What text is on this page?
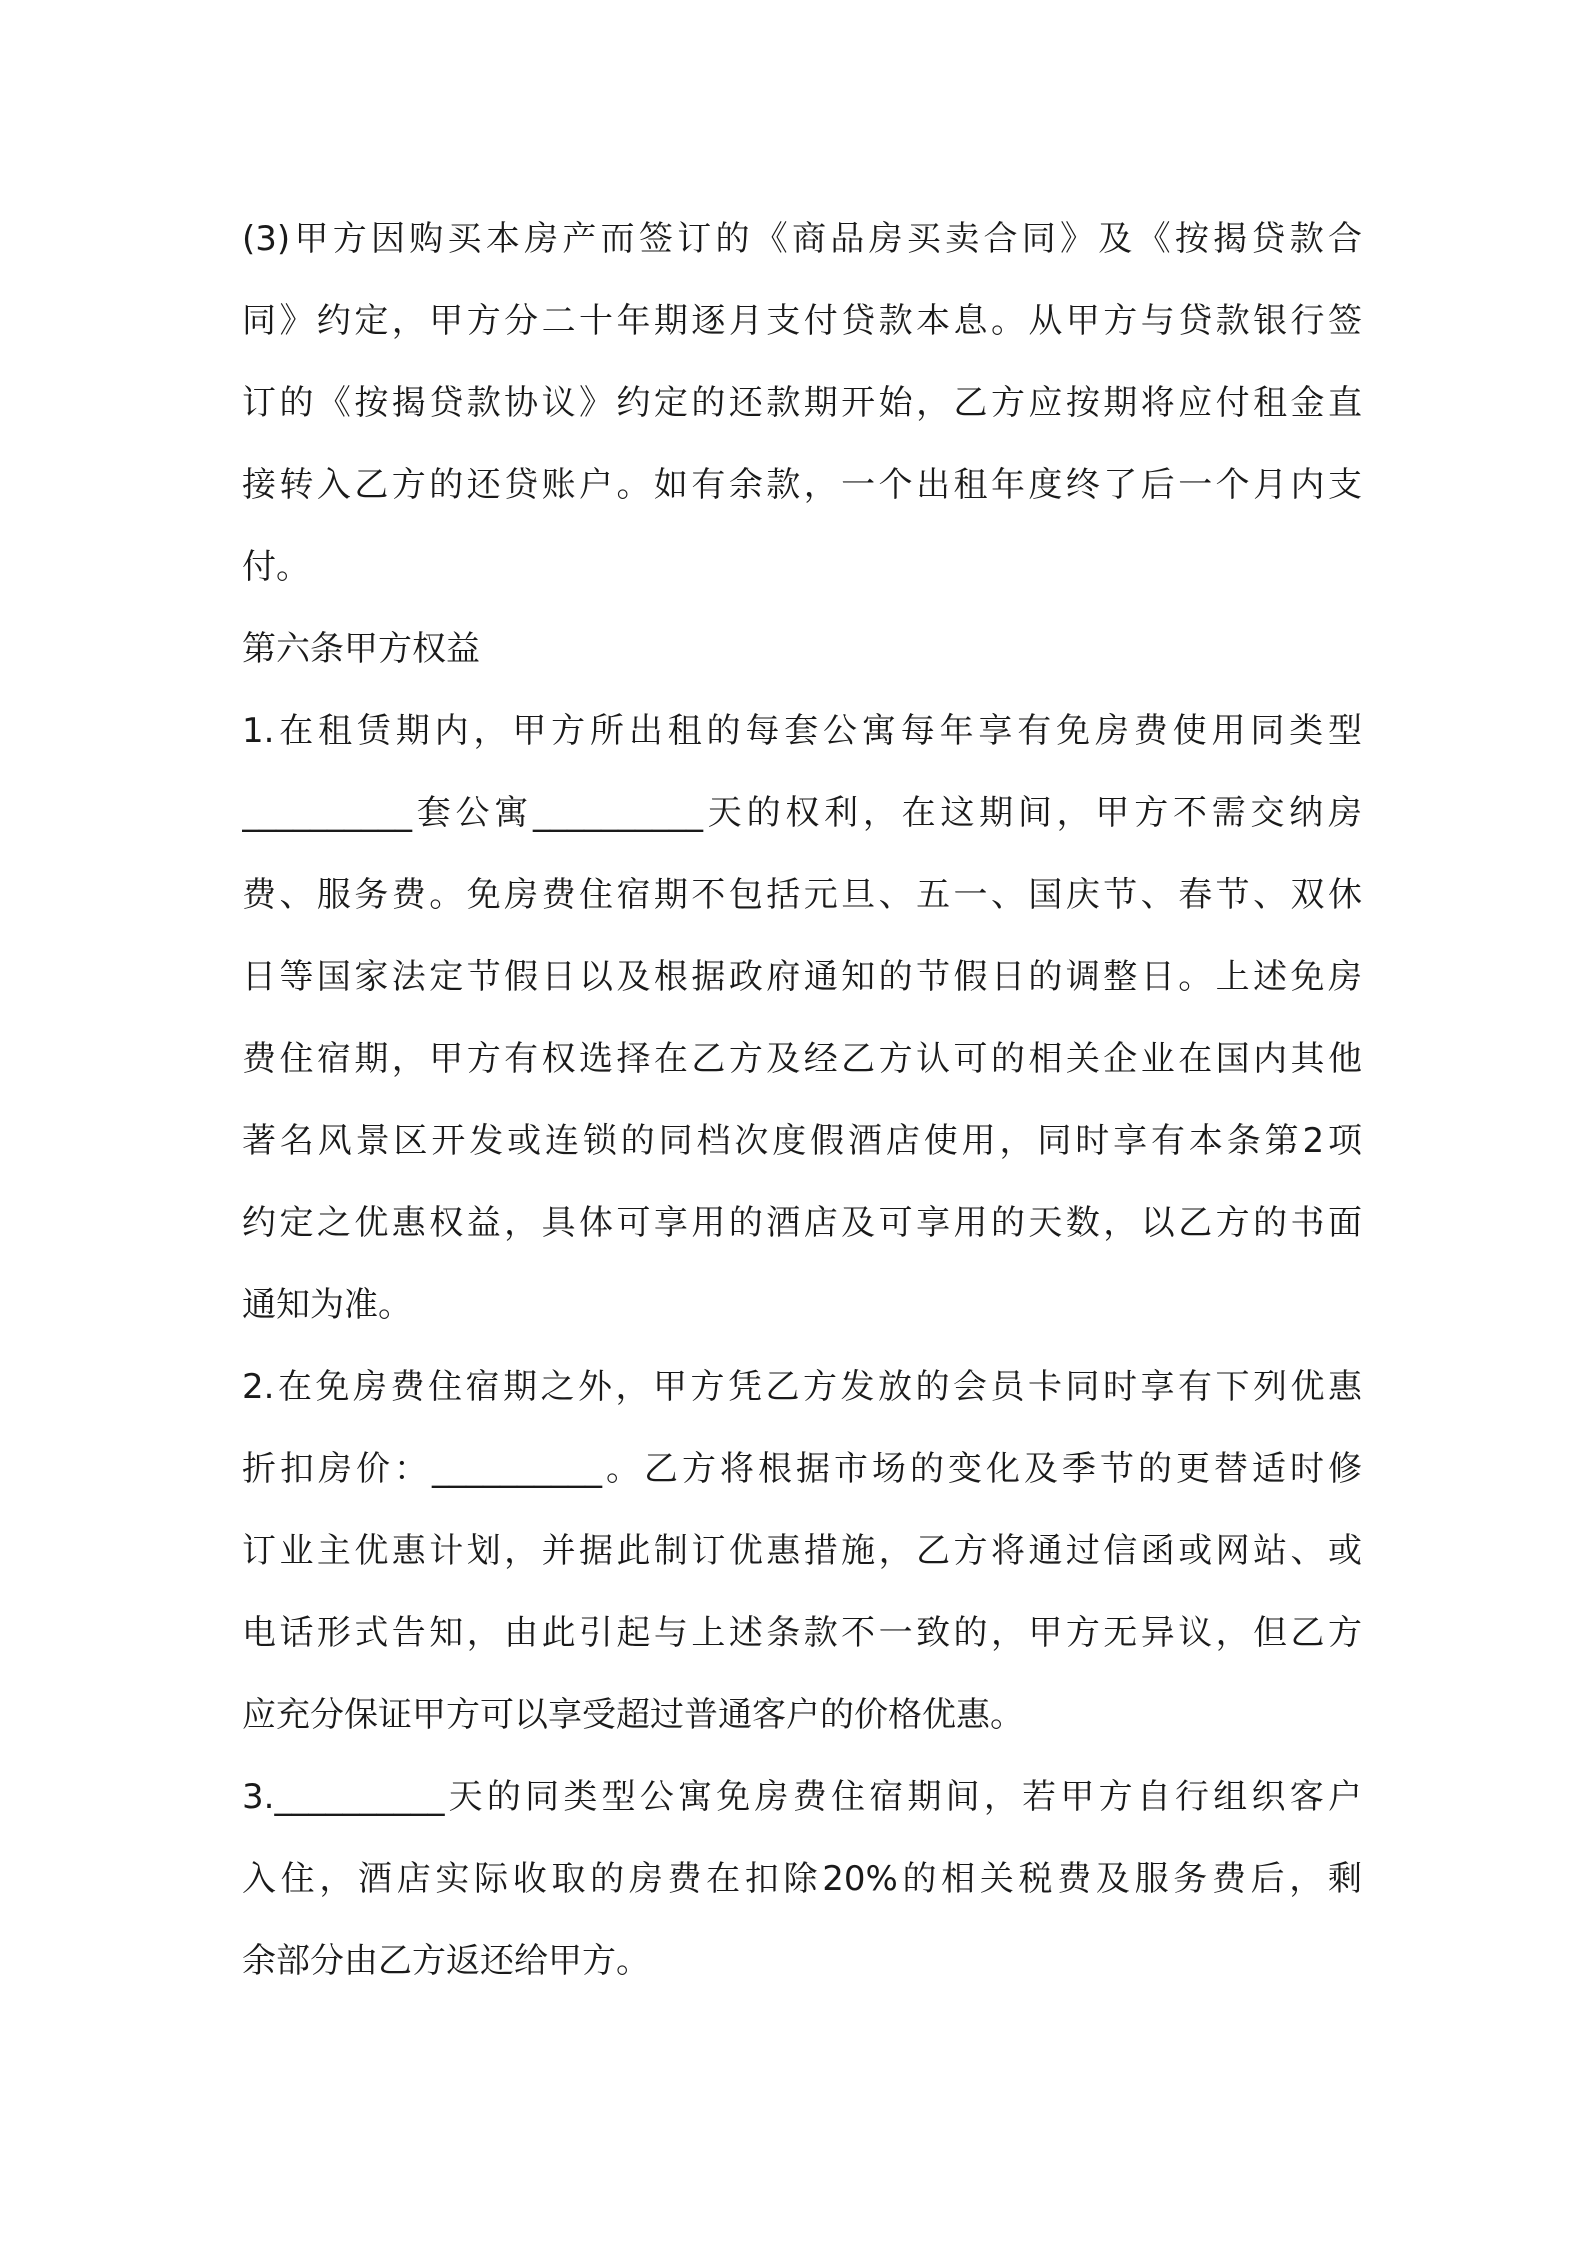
(3)甲方因购买本房产而签订的《商品房买卖合同》及《按揭贷款合
同》约定，甲方分二十年期逐月支付贷款本息。从甲方与贷款银行签
订的《按揭贷款协议》约定的还款期开始，乙方应按期将应付租金直
接转入乙方的还贷账户。如有余款，一个出租年度终了后一个月内支
付。
第六条甲方权益
1.在租赁期内，甲方所出租的每套公寓每年享有免房费使用同类型
__________套公寓__________天的权利，在这期间，甲方不需交纳房
费、服务费。免房费住宿期不包括元旦、五一、国庆节、春节、双休
日等国家法定节假日以及根据政府通知的节假日的调整日。上述免房
费住宿期，甲方有权选择在乙方及经乙方认可的相关企业在国内其他
著名风景区开发或连锁的同档次度假酒店使用，同时享有本条第2项
约定之优惠权益，具体可享用的酒店及可享用的天数，以乙方的书面
通知为准。
2.在免房费住宿期之外，甲方凭乙方发放的会员卡同时享有下列优惠
折扣房价：__________。乙方将根据市场的变化及季节的更替适时修
订业主优惠计划，并据此制订优惠措施，乙方将通过信函或网站、或
电话形式告知，由此引起与上述条款不一致的，甲方无异议，但乙方
应充分保证甲方可以享受超过普通客户的价格优惠。
3.__________天的同类型公寓免房费住宿期间，若甲方自行组织客户
入住，酒店实际收取的房费在扣除20%的相关税费及服务费后，剩
余部分由乙方返还给甲方。
